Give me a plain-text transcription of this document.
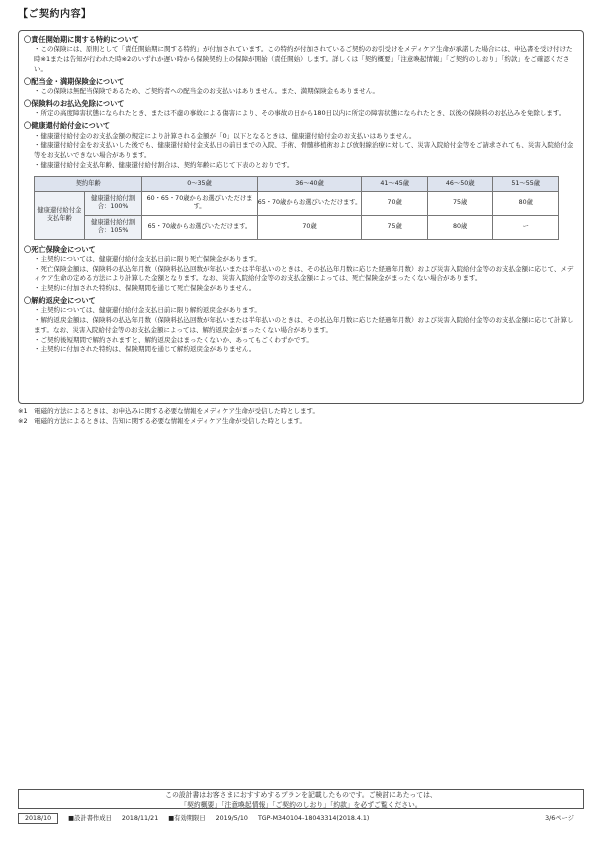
【ご契約内容】
〇責任開始期に関する特約について

・この保険には、原則として「責任開始期に関する特約」が付加されています。この特約が付加されているご契約のお引受けをメディケア生命が承諾した場合には、申込書を受け付けた時※1または告知が行われた時※2のいずれか遅い時から保険契約上の保障が開始（責任開始）します。詳しくは「契約概要」「注意喚起情報」「ご契約のしおり」「約款」をご確認ください。

〇配当金・満期保険金について

・この保険は無配当保険であるため、ご契約者への配当金のお支払いはありません。また、満期保険金もありません。

〇保険料のお払込免除について

・所定の高度障害状態になられたとき、または不慮の事故による傷害により、その事故の日から180日以内に所定の障害状態になられたとき、以後の保険料のお払込みを免除します。

〇健康還付給付金について

・健康還付給付金のお支払金額の規定により計算される金額が「0」以下となるときは、健康還付給付金のお支払いはありません。

・健康還付給付金をお支払いした後でも、健康還付給付金支払日の前日までの入院、手術、骨髄移植術および放射線治療に対して、災害入院給付金等をご請求されても、災害入院給付金等をお支払いできない場合があります。

・健康還付給付金支払年齢、健康還付給付割合は、契約年齢に応じて下表のとおりです。

契約年齢		0〜35歳	36〜40歳	41〜45歳	46〜50歳	51〜55歳
健康還付給付金支払年齢	健康還付給付割合：100%	60・65・70歳からお選びいただけます。	65・70歳からお選びいただけます。	70歳	75歳	80歳
	健康還付給付割合：105%	65・70歳からお選びいただけます。	70歳	75歳	80歳	ー
〇死亡保険金について

・主契約については、健康還付給付金支払日前に限り死亡保険金があります。

・死亡保険金額は、保険料の払込年月数（保険料払込回数が年払いまたは半年払いのときは、その払込年月数に応じた経過年月数）および災害入院給付金等のお支払金額に応じて、メディケア生命の定める方法により計算した金額となります。なお、災害入院給付金等のお支払金額によっては、死亡保険金がまったくない場合があります。

・主契約に付加された特約は、保険期間を通じて死亡保険金がありません。

〇解約返戻金について

・主契約については、健康還付給付金支払日前に限り解約返戻金があります。

・解約返戻金額は、保険料の払込年月数（保険料払込回数が年払いまたは半年払いのときは、その払込年月数に応じた経過年月数）および災害入院給付金等のお支払金額に応じて計算します。なお、災害入院給付金等のお支払金額によっては、解約返戻金がまったくない場合があります。

・ご契約後短期間で解約されますと、解約返戻金はまったくないか、あってもごくわずかです。

・主契約に付加された特約は、保険期間を通じて解約返戻金がありません。

※1　電磁的方法によるときは、お申込みに関する必要な情報をメディケア生命が受信した時とします。
※2　電磁的方法によるときは、告知に関する必要な情報をメディケア生命が受信した時とします。
この設計書はお客さまにおすすめするプランを記載したものです。ご検討にあたっては、
「契約概要」「注意喚起情報」「ご契約のしおり」「約款」を必ずご覧ください。
2018/10	■設計書作成日 2018/11/21 ■有効期限日 2019/5/10 TGP-M340104-18043314(2018.4.1)	3/6ページ
